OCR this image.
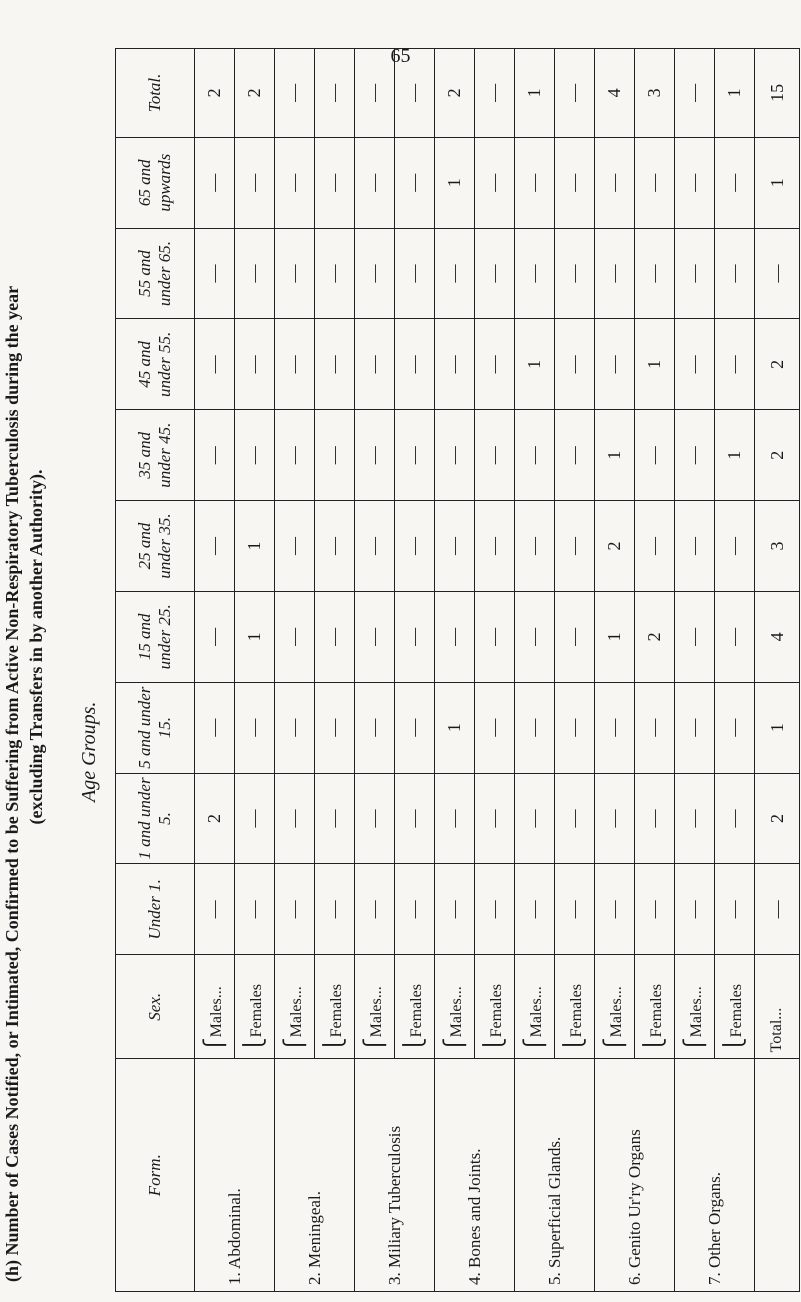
65
(h) Number of Cases Notified, or Intimated, Confirmed to be Suffering from Active Non-Respiratory Tuberculosis during the year (excluding Transfers in by another Authority). Age Groups.
Form.	Sex.	Under 1.	1 and under 5.	5 and under 15.	15 and under 25.	25 and under 35.	35 and under 45.	45 and under 55.	55 and under 65.	65 and upwards	Total.
1. Abdominal.	⎧Males...	—	2	—	—	—	—	—	—	—	2
	⎩Females	—	—	—	1	1	—	—	—	—	2
2. Meningeal.	⎧Males...	—	—	—	—	—	—	—	—	—	—
	⎩Females	—	—	—	—	—	—	—	—	—	—
3. Miliary Tuberculosis	⎧Males...	—	—	—	—	—	—	—	—	—	—
	⎩Females	—	—	—	—	—	—	—	—	—	—
4. Bones and Joints.	⎧Males...	—	—	1	—	—	—	—	—	1	2
	⎩Females	—	—	—	—	—	—	—	—	—	—
5. Superficial Glands.	⎧Males...	—	—	—	—	—	—	1	—	—	1
	⎩Females	—	—	—	—	—	—	—	—	—	—
6. Genito Ur'ry Organs	⎧Males...	—	—	—	1	2	1	—	—	—	4
	⎩Females	—	—	—	2	—	—	1	—	—	3
7. Other Organs.	⎧Males...	—	—	—	—	—	—	—	—	—	—
	⎩Females	—	—	—	—	—	1	—	—	—	1
	Total...	—	2	1	4	3	2	2	—	1	15
